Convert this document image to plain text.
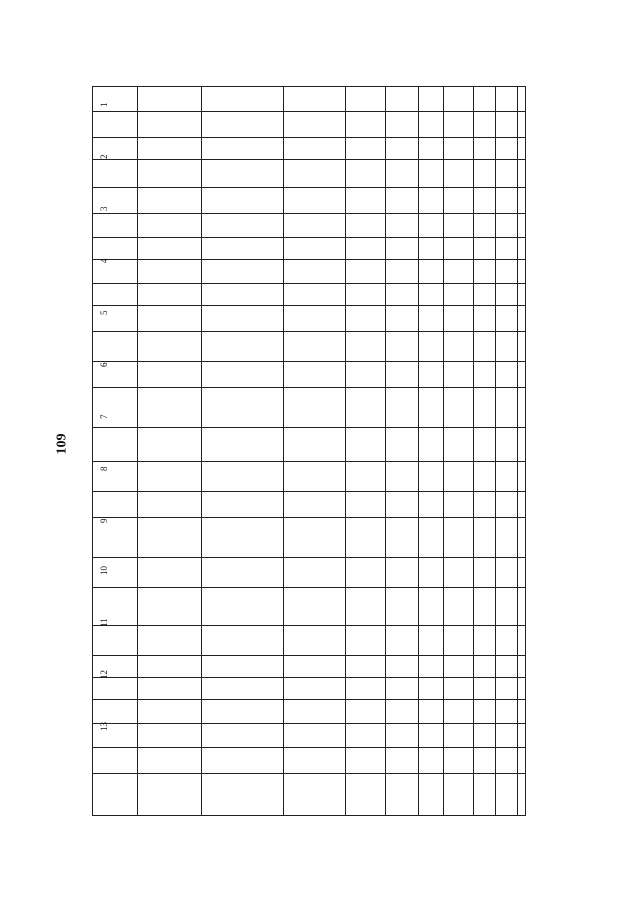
109
1
2
3
4
5
6
7
8
9
10
11
12
13
